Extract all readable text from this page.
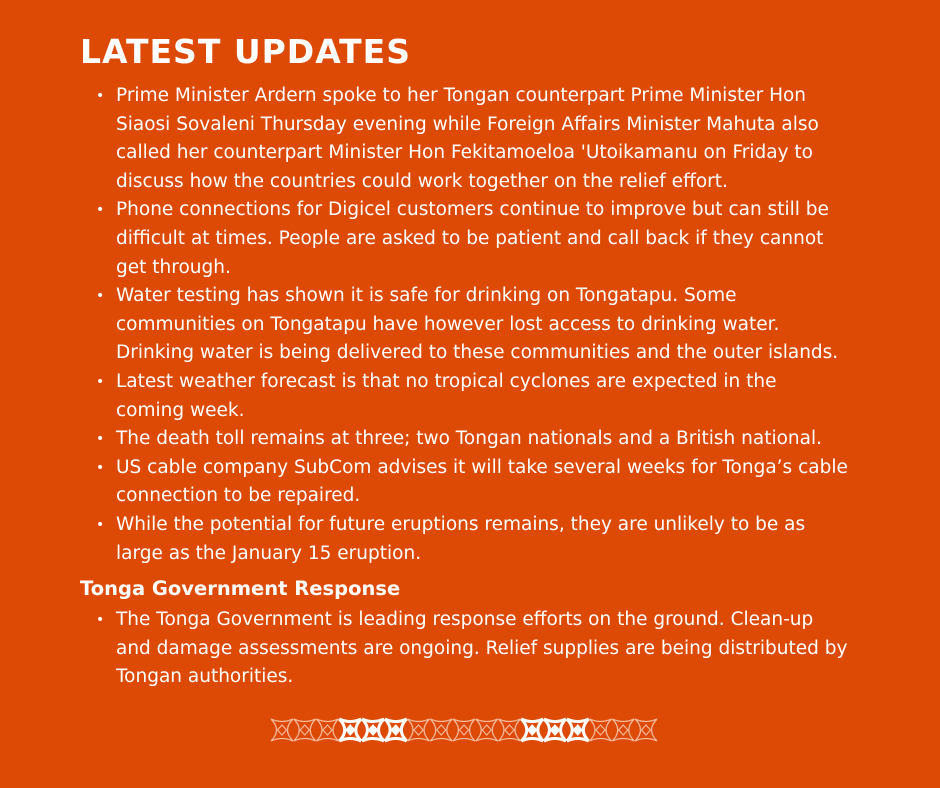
LATEST UPDATES
• Prime Minister Ardern spoke to her Tongan counterpart Prime Minister Hon
Siaosi Sovaleni Thursday evening while Foreign Affairs Minister Mahuta also
called her counterpart Minister Hon Fekitamoeloa 'Utoikamanu on Friday to
discuss how the countries could work together on the relief effort.
• Phone connections for Digicel customers continue to improve but can still be
difficult at times. People are asked to be patient and call back if they cannot
get through.
• Water testing has shown it is safe for drinking on Tongatapu. Some
communities on Tongatapu have however lost access to drinking water.
Drinking water is being delivered to these communities and the outer islands.
• Latest weather forecast is that no tropical cyclones are expected in the
coming week.
• The death toll remains at three; two Tongan nationals and a British national.
• US cable company SubCom advises it will take several weeks for Tonga’s cable
connection to be repaired.
• While the potential for future eruptions remains, they are unlikely to be as
large as the January 15 eruption.
Tonga Government Response
• The Tonga Government is leading response efforts on the ground. Clean-up
and damage assessments are ongoing. Relief supplies are being distributed by
Tongan authorities.
